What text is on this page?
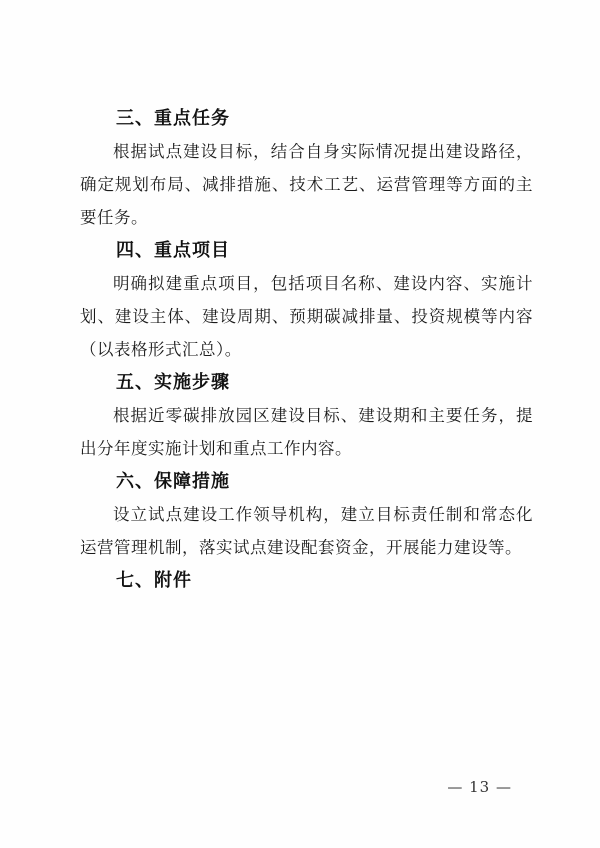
三、重点任务

根据试点建设目标，结合自身实际情况提出建设路径，确定规划布局、减排措施、技术工艺、运营管理等方面的主要任务。

四、重点项目

明确拟建重点项目，包括项目名称、建设内容、实施计划、建设主体、建设周期、预期碳减排量、投资规模等内容（以表格形式汇总）。

五、实施步骤

根据近零碳排放园区建设目标、建设期和主要任务，提出分年度实施计划和重点工作内容。

六、保障措施

设立试点建设工作领导机构，建立目标责任制和常态化运营管理机制，落实试点建设配套资金，开展能力建设等。

七、附件
— 13 —
